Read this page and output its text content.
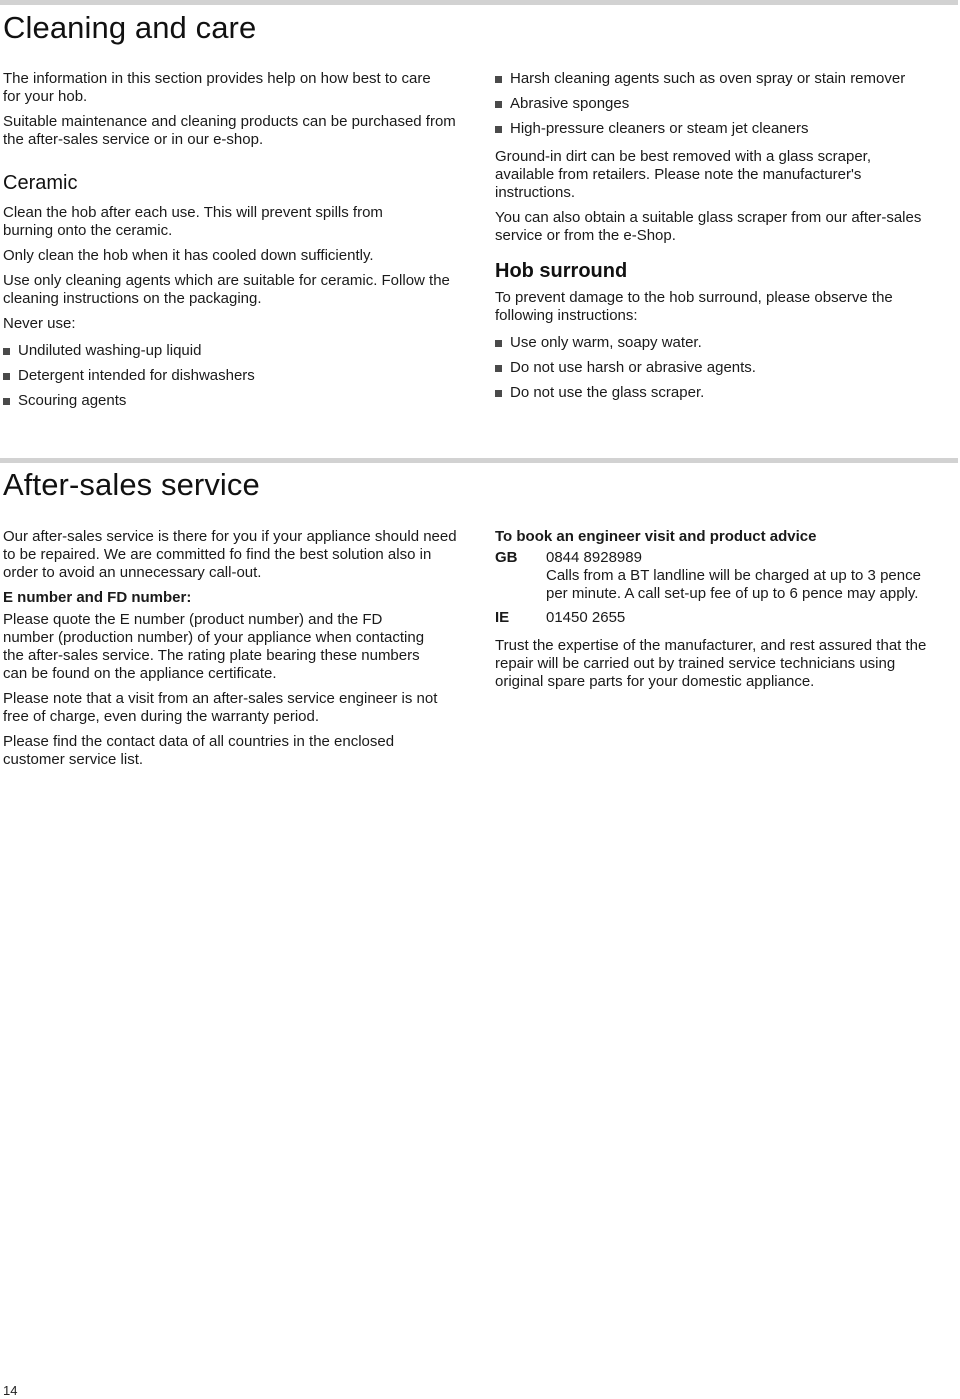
Cleaning and care

The information in this section provides help on how best to care for your hob.

Suitable maintenance and cleaning products can be purchased from the after-sales service or in our e-shop.

Ceramic

Clean the hob after each use. This will prevent spills from burning onto the ceramic.

Only clean the hob when it has cooled down sufficiently.

Use only cleaning agents which are suitable for ceramic. Follow the cleaning instructions on the packaging.

Never use:

Undiluted washing-up liquid
Detergent intended for dishwashers
Scouring agents
Harsh cleaning agents such as oven spray or stain remover
Abrasive sponges
High-pressure cleaners or steam jet cleaners

Ground-in dirt can be best removed with a glass scraper, available from retailers. Please note the manufacturer's instructions.

You can also obtain a suitable glass scraper from our after-sales service or from the e-Shop.

Hob surround

To prevent damage to the hob surround, please observe the following instructions:

Use only warm, soapy water.
Do not use harsh or abrasive agents.
Do not use the glass scraper.
After-sales service

Our after-sales service is there for you if your appliance should need to be repaired. We are committed fo find the best solution also in order to avoid an unnecessary call-out.

E number and FD number:

Please quote the E number (product number) and the FD number (production number) of your appliance when contacting the after-sales service. The rating plate bearing these numbers can be found on the appliance certificate.

Please note that a visit from an after-sales service engineer is not free of charge, even during the warranty period.

Please find the contact data of all countries in the enclosed customer service list.

To book an engineer visit and product advice
GB	0844 8928989
Calls from a BT landline will be charged at up to 3 pence per minute. A call set-up fee of up to 6 pence may apply.
IE	01450 2655

Trust the expertise of the manufacturer, and rest assured that the repair will be carried out by trained service technicians using original spare parts for your domestic appliance.

14
